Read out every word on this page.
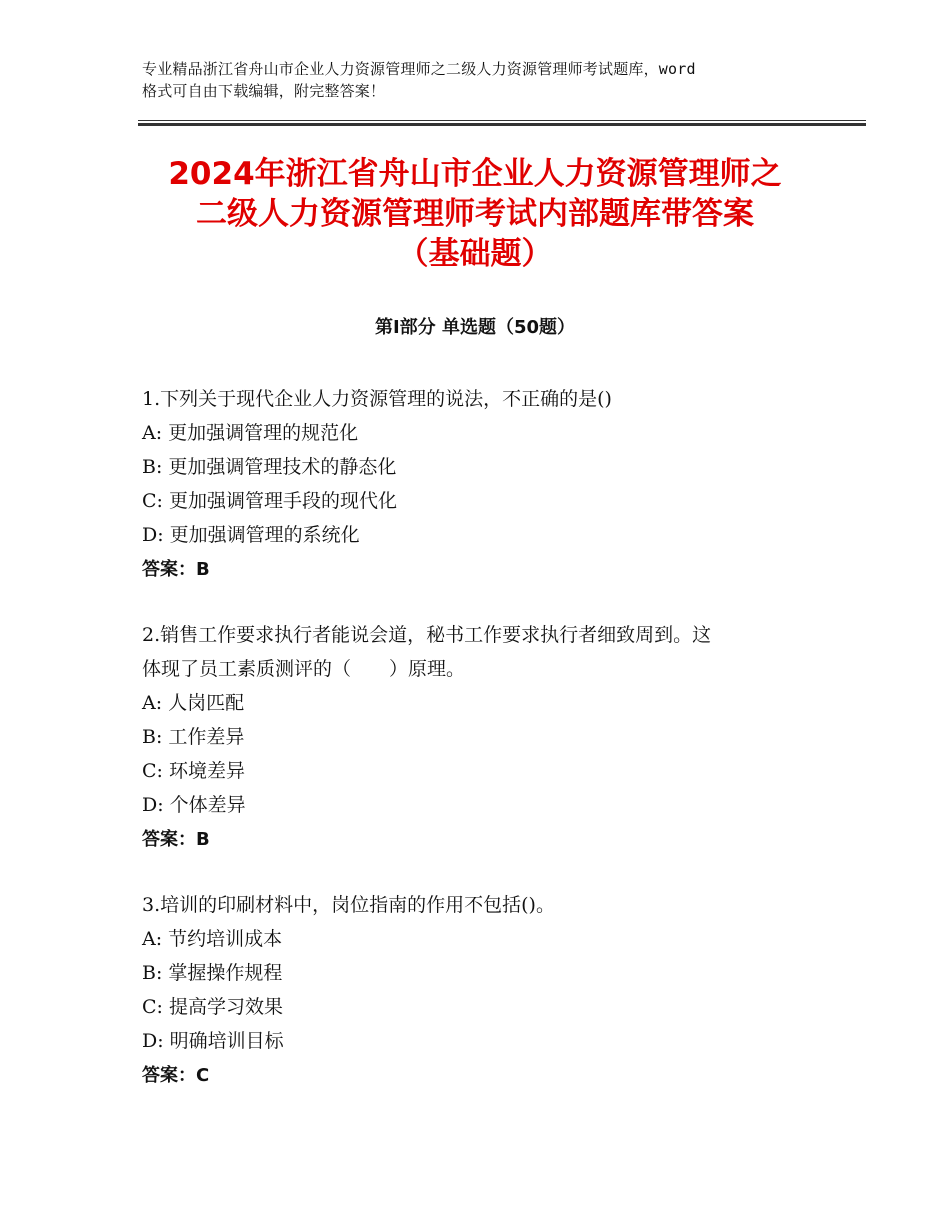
专业精品浙江省舟山市企业人力资源管理师之二级人力资源管理师考试题库，word
格式可自由下载编辑，附完整答案！
2024年浙江省舟山市企业人力资源管理师之
二级人力资源管理师考试内部题库带答案
（基础题）
第Ⅰ部分 单选题（50题）
1.下列关于现代企业人力资源管理的说法，不正确的是()
A: 更加强调管理的规范化
B: 更加强调管理技术的静态化
C: 更加强调管理手段的现代化
D: 更加强调管理的系统化
答案：B
2.销售工作要求执行者能说会道，秘书工作要求执行者细致周到。这
体现了员工素质测评的（　　）原理。
A: 人岗匹配
B: 工作差异
C: 环境差异
D: 个体差异
答案：B
3.培训的印刷材料中，岗位指南的作用不包括()。
A: 节约培训成本
B: 掌握操作规程
C: 提高学习效果
D: 明确培训目标
答案：C
